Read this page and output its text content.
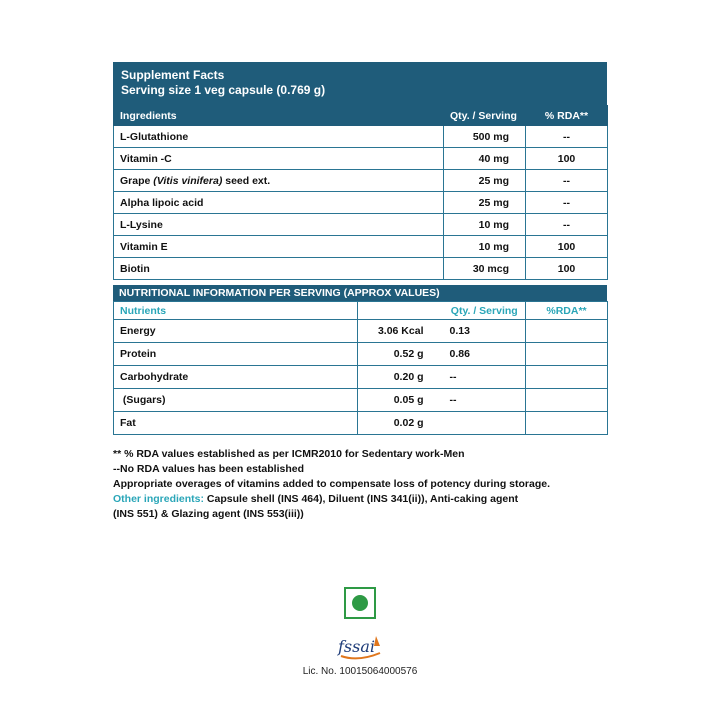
Supplement Facts
Serving size 1 veg capsule (0.769 g)
Ingredients	Qty. / Serving	% RDA**
L-Glutathione	500 mg	--
Vitamin -C	40 mg	100
Grape (Vitis vinifera) seed ext.	25 mg	--
Alpha lipoic acid	25 mg	--
L-Lysine	10 mg	--
Vitamin E	10 mg	100
Biotin	30 mcg	100
NUTRITIONAL INFORMATION PER SERVING (APPROX VALUES)
Nutrients		Qty. / Serving	%RDA**
Energy	3.06 Kcal	0.13	
Protein	0.52 g	0.86	
Carbohydrate	0.20 g	--	
(Sugars)	0.05 g	--	
Fat	0.02 g		
** % RDA values established as per ICMR2010 for Sedentary work-Men
--No RDA values has been established
Appropriate overages of vitamins added to compensate loss of potency during storage.
Other ingredients: Capsule shell (INS 464), Diluent (INS 341(ii)), Anti-caking agent
(INS 551) & Glazing agent (INS 553(iii))
fssai
Lic. No. 10015064000576
